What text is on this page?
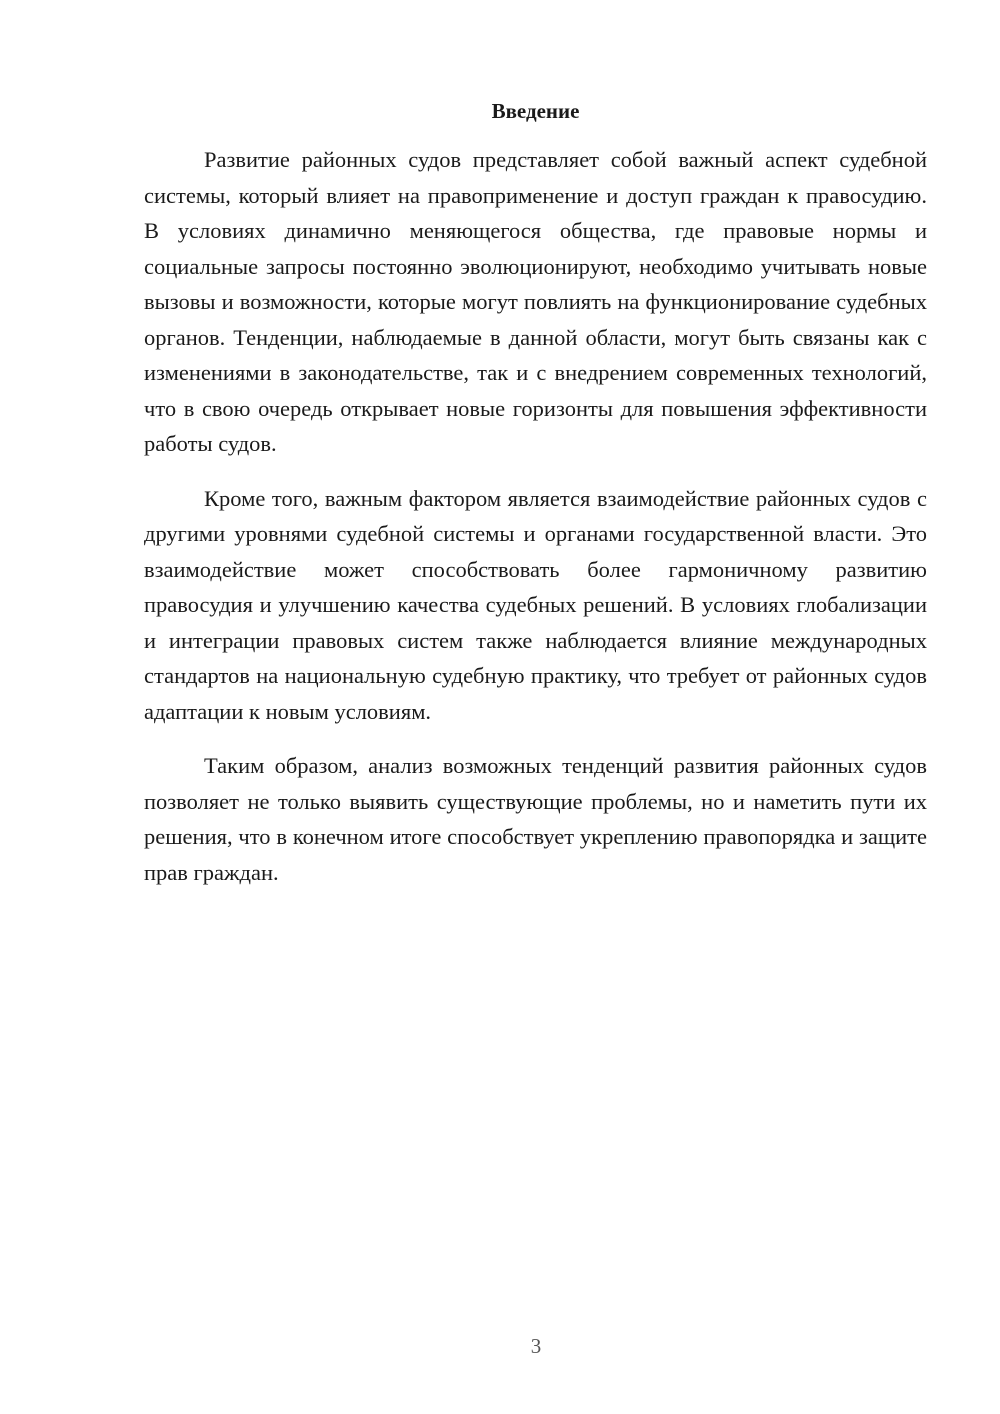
Введение

Развитие районных судов представляет собой важный аспект судебной системы, который влияет на правоприменение и доступ граждан к правосудию. В условиях динамично меняющегося общества, где правовые нормы и социальные запросы постоянно эволюционируют, необходимо учитывать новые вызовы и возможности, которые могут повлиять на функционирование судебных органов. Тенденции, наблюдаемые в данной области, могут быть связаны как с изменениями в законодательстве, так и с внедрением современных технологий, что в свою очередь открывает новые горизонты для повышения эффективности работы судов.

Кроме того, важным фактором является взаимодействие районных судов с другими уровнями судебной системы и органами государственной власти. Это взаимодействие может способствовать более гармоничному развитию правосудия и улучшению качества судебных решений. В условиях глобализации и интеграции правовых систем также наблюдается влияние международных стандартов на национальную судебную практику, что требует от районных судов адаптации к новым условиям.

Таким образом, анализ возможных тенденций развития районных судов позволяет не только выявить существующие проблемы, но и наметить пути их решения, что в конечном итоге способствует укреплению правопорядка и защите прав граждан.

3
